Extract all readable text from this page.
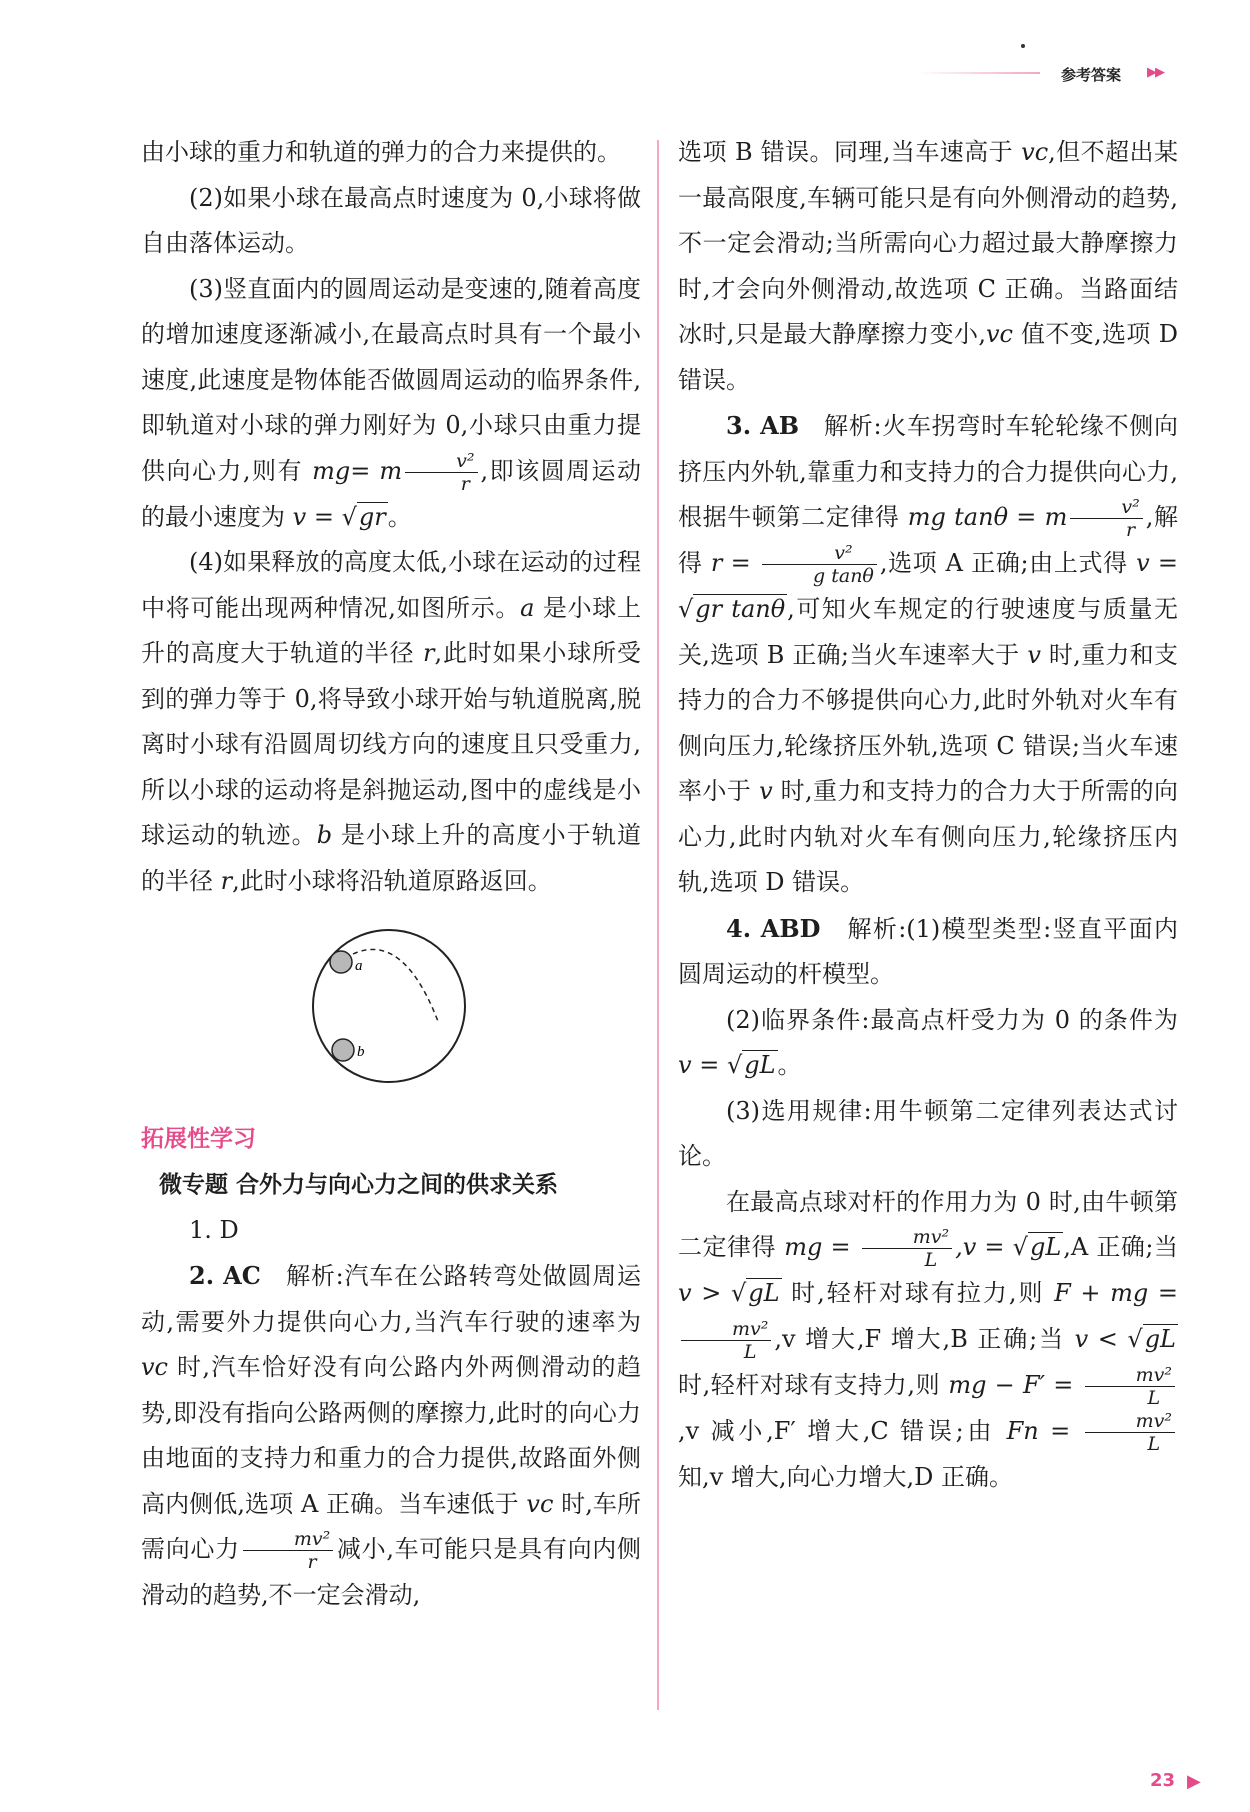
参考答案 ▶▶

由小球的重力和轨道的弹力的合力来提供的。

(2)如果小球在最高点时速度为 0,小球将做自由落体运动。

(3)竖直面内的圆周运动是变速的,随着高度的增加速度逐渐减小,在最高点时具有一个最小速度,此速度是物体能否做圆周运动的临界条件,即轨道对小球的弹力刚好为 0,小球只由重力提供向心力,则有 mg= m $\frac{\text{v²}}{r}$ ,即该圆周运动的最小速度为 v = √gr。

(4)如果释放的高度太低,小球在运动的过程中将可能出现两种情况,如图所示。a 是小球上升的高度大于轨道的半径 r,此时如果小球所受到的弹力等于 0,将导致小球开始与轨道脱离,脱离时小球有沿圆周切线方向的速度且只受重力,所以小球的运动将是斜抛运动,图中的虚线是小球运动的轨迹。b 是小球上升的高度小于轨道的半径 r,此时小球将沿轨道原路返回。

a
b
拓展性学习
微专题 合外力与向心力之间的供求关系

1. D

2. AC 解析:汽车在公路转弯处做圆周运动,需要外力提供向心力,当汽车行驶的速率为 vc 时,汽车恰好没有向公路内外两侧滑动的趋势,即没有指向公路两侧的摩擦力,此时的向心力由地面的支持力和重力的合力提供,故路面外侧高内侧低,选项 A 正确。当车速低于 vc 时,车所需向心力 $\frac{\text{mv²}}{r}$ 减小,车可能只是具有向内侧滑动的趋势,不一定会滑动,

选项 B 错误。同理,当车速高于 vc,但不超出某一最高限度,车辆可能只是有向外侧滑动的趋势,不一定会滑动;当所需向心力超过最大静摩擦力时,才会向外侧滑动,故选项 C 正确。当路面结冰时,只是最大静摩擦力变小,vc 值不变,选项 D 错误。

3. AB 解析:火车拐弯时车轮轮缘不侧向挤压内外轨,靠重力和支持力的合力提供向心力,根据牛顿第二定律得 mg tanθ = m $\frac{\text{v²}}{r}$ ,解得 $r = \frac{\text{v²}}{\text{g tanθ}}$ ,选项 A 正确;由上式得 v = √gr tanθ,可知火车规定的行驶速度与质量无关,选项 B 正确;当火车速率大于 v 时,重力和支持力的合力不够提供向心力,此时外轨对火车有侧向压力,轮缘挤压外轨,选项 C 错误;当火车速率小于 v 时,重力和支持力的合力大于所需的向心力,此时内轨对火车有侧向压力,轮缘挤压内轨,选项 D 错误。

4. ABD 解析:(1)模型类型:竖直平面内圆周运动的杆模型。

(2)临界条件:最高点杆受力为 0 的条件为 v = √gL。

(3)选用规律:用牛顿第二定律列表达式讨论。

在最高点球对杆的作用力为 0 时,由牛顿第二定律得 mg = $\frac{\text{mv²}}{L} ,v = √gL,A$ 正确;当 v > √gL 时,轻杆对球有拉力,则 F + mg =
$\frac{\text{mv²}}{L} ,v$ 增大,F 增大,B 正确;当 v < √gL 时,轻杆对球有支持力,则 mg − $F' = \frac{\text{mv²}}{L}$
,v 减小,F′ 增大,C 错误;由 $Fn = \frac{\text{mv²}}{L}$
知,v 增大,向心力增大,D 正确。

23 ▶
